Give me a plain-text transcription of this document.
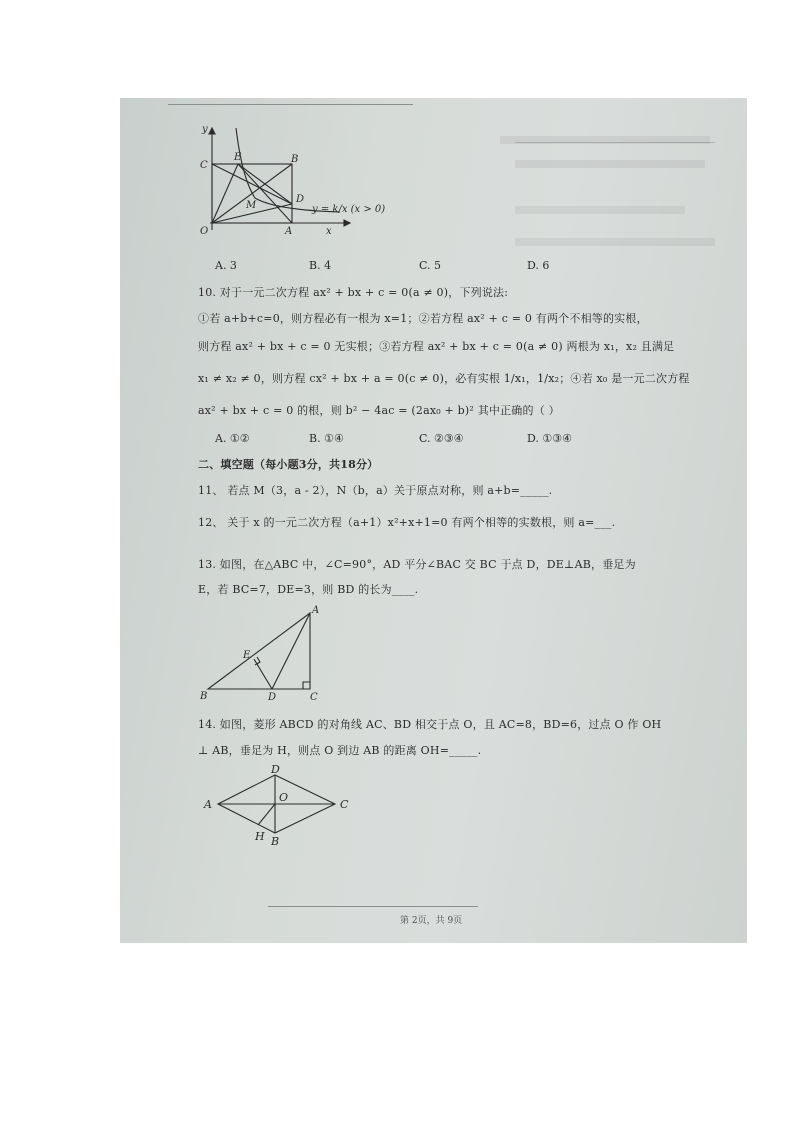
y
C
E	B
M
D
O	A	x
y = k/x (x > 0)
A. 3	B. 4	C. 5	D. 6
10. 对于一元二次方程 ax² + bx + c = 0(a ≠ 0)，下列说法:
①若 a+b+c=0，则方程必有一根为 x=1；②若方程 ax² + c = 0 有两个不相等的实根，
则方程 ax² + bx + c = 0 无实根；③若方程 ax² + bx + c = 0(a ≠ 0) 两根为 x₁，x₂ 且满足
x₁ ≠ x₂ ≠ 0，则方程 cx² + bx + a = 0(c ≠ 0)，必有实根 1/x₁，1/x₂；④若 x₀ 是一元二次方程
ax² + bx + c = 0 的根，则 b² − 4ac = (2ax₀ + b)² 其中正确的（ ）
A. ①②	B. ①④	C. ②③④	D. ①③④
二、填空题（每小题3分，共18分）
11、 若点 M（3，a - 2），N（b，a）关于原点对称，则 a+b=_____.
12、 关于 x 的一元二次方程（a+1）x²+x+1=0 有两个相等的实数根，则 a=___.
13. 如图，在△ABC 中，∠C=90°，AD 平分∠BAC 交 BC 于点 D，DE⊥AB，垂足为
E，若 BC=7，DE=3，则 BD 的长为____.
A
E
B	D	C
14. 如图，菱形 ABCD 的对角线 AC、BD 相交于点 O，且 AC=8，BD=6，过点 O 作 OH
⊥ AB，垂足为 H，则点 O 到边 AB 的距离 OH=_____.
A
D
O
C
H B
第 2页，共 9页
